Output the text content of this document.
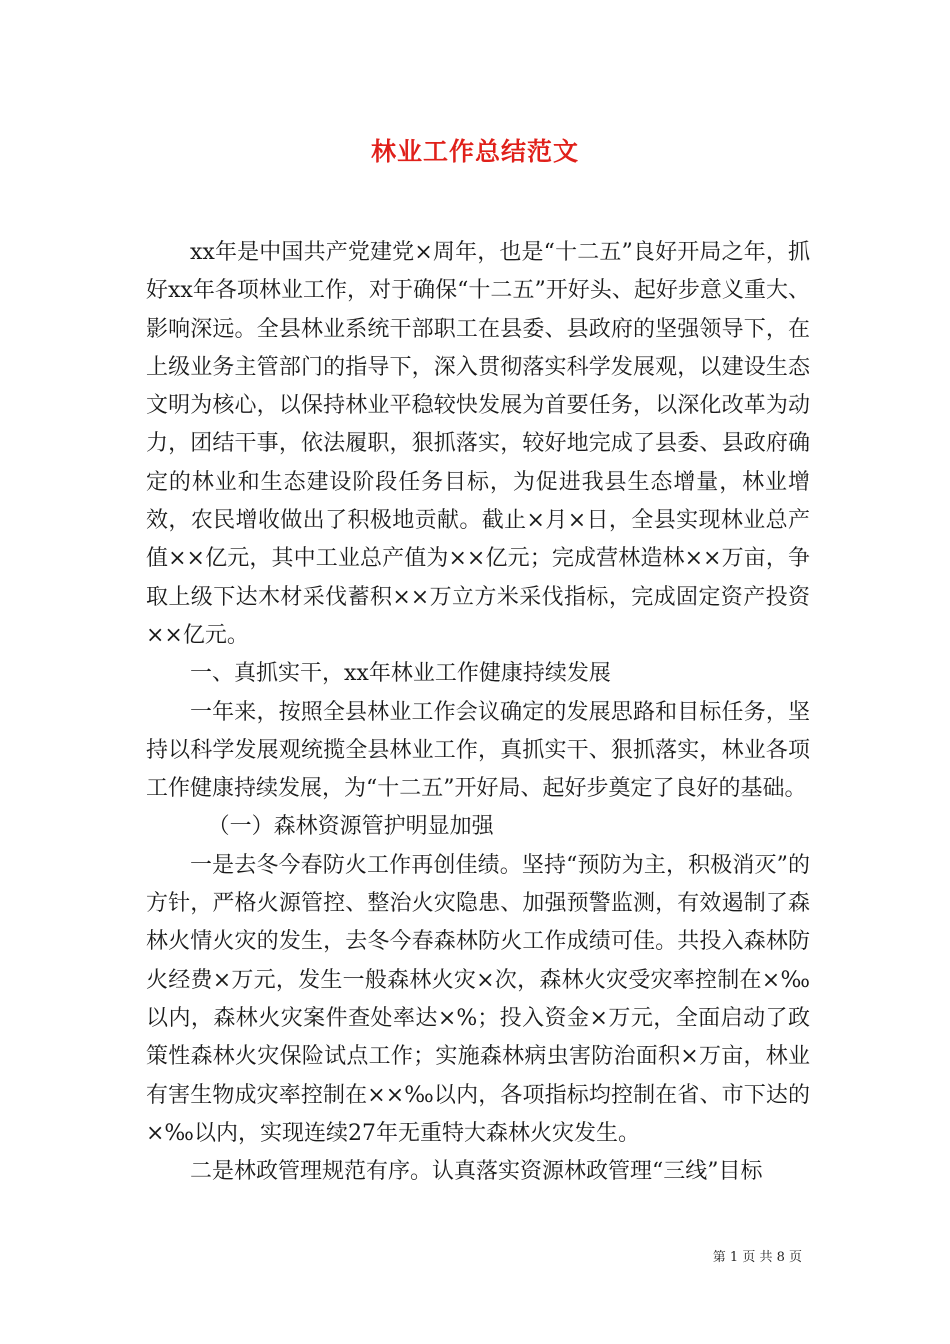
林业工作总结范文

xx年是中国共产党建党×周年，也是“十二五”良好开局之年，抓好xx年各项林业工作，对于确保“十二五”开好头、起好步意义重大、影响深远。全县林业系统干部职工在县委、县政府的坚强领导下，在上级业务主管部门的指导下，深入贯彻落实科学发展观，以建设生态文明为核心，以保持林业平稳较快发展为首要任务，以深化改革为动力，团结干事，依法履职，狠抓落实，较好地完成了县委、县政府确定的林业和生态建设阶段任务目标，为促进我县生态增量，林业增效，农民增收做出了积极地贡献。截止×月×日，全县实现林业总产值××亿元，其中工业总产值为××亿元；完成营林造林××万亩，争取上级下达木材采伐蓄积××万立方米采伐指标，完成固定资产投资××亿元。

一、真抓实干，xx年林业工作健康持续发展

一年来，按照全县林业工作会议确定的发展思路和目标任务，坚持以科学发展观统揽全县林业工作，真抓实干、狠抓落实，林业各项工作健康持续发展，为“十二五”开好局、起好步奠定了良好的基础。

（一）森林资源管护明显加强

一是去冬今春防火工作再创佳绩。坚持“预防为主，积极消灭”的方针，严格火源管控、整治火灾隐患、加强预警监测，有效遏制了森林火情火灾的发生，去冬今春森林防火工作成绩可佳。共投入森林防火经费×万元，发生一般森林火灾×次，森林火灾受灾率控制在×‰以内，森林火灾案件查处率达×%；投入资金×万元，全面启动了政策性森林火灾保险试点工作；实施森林病虫害防治面积×万亩，林业有害生物成灾率控制在××‰以内，各项指标均控制在省、市下达的×‰以内，实现连续27年无重特大森林火灾发生。

二是林政管理规范有序。认真落实资源林政管理“三线”目标

第 1 页 共 8 页
